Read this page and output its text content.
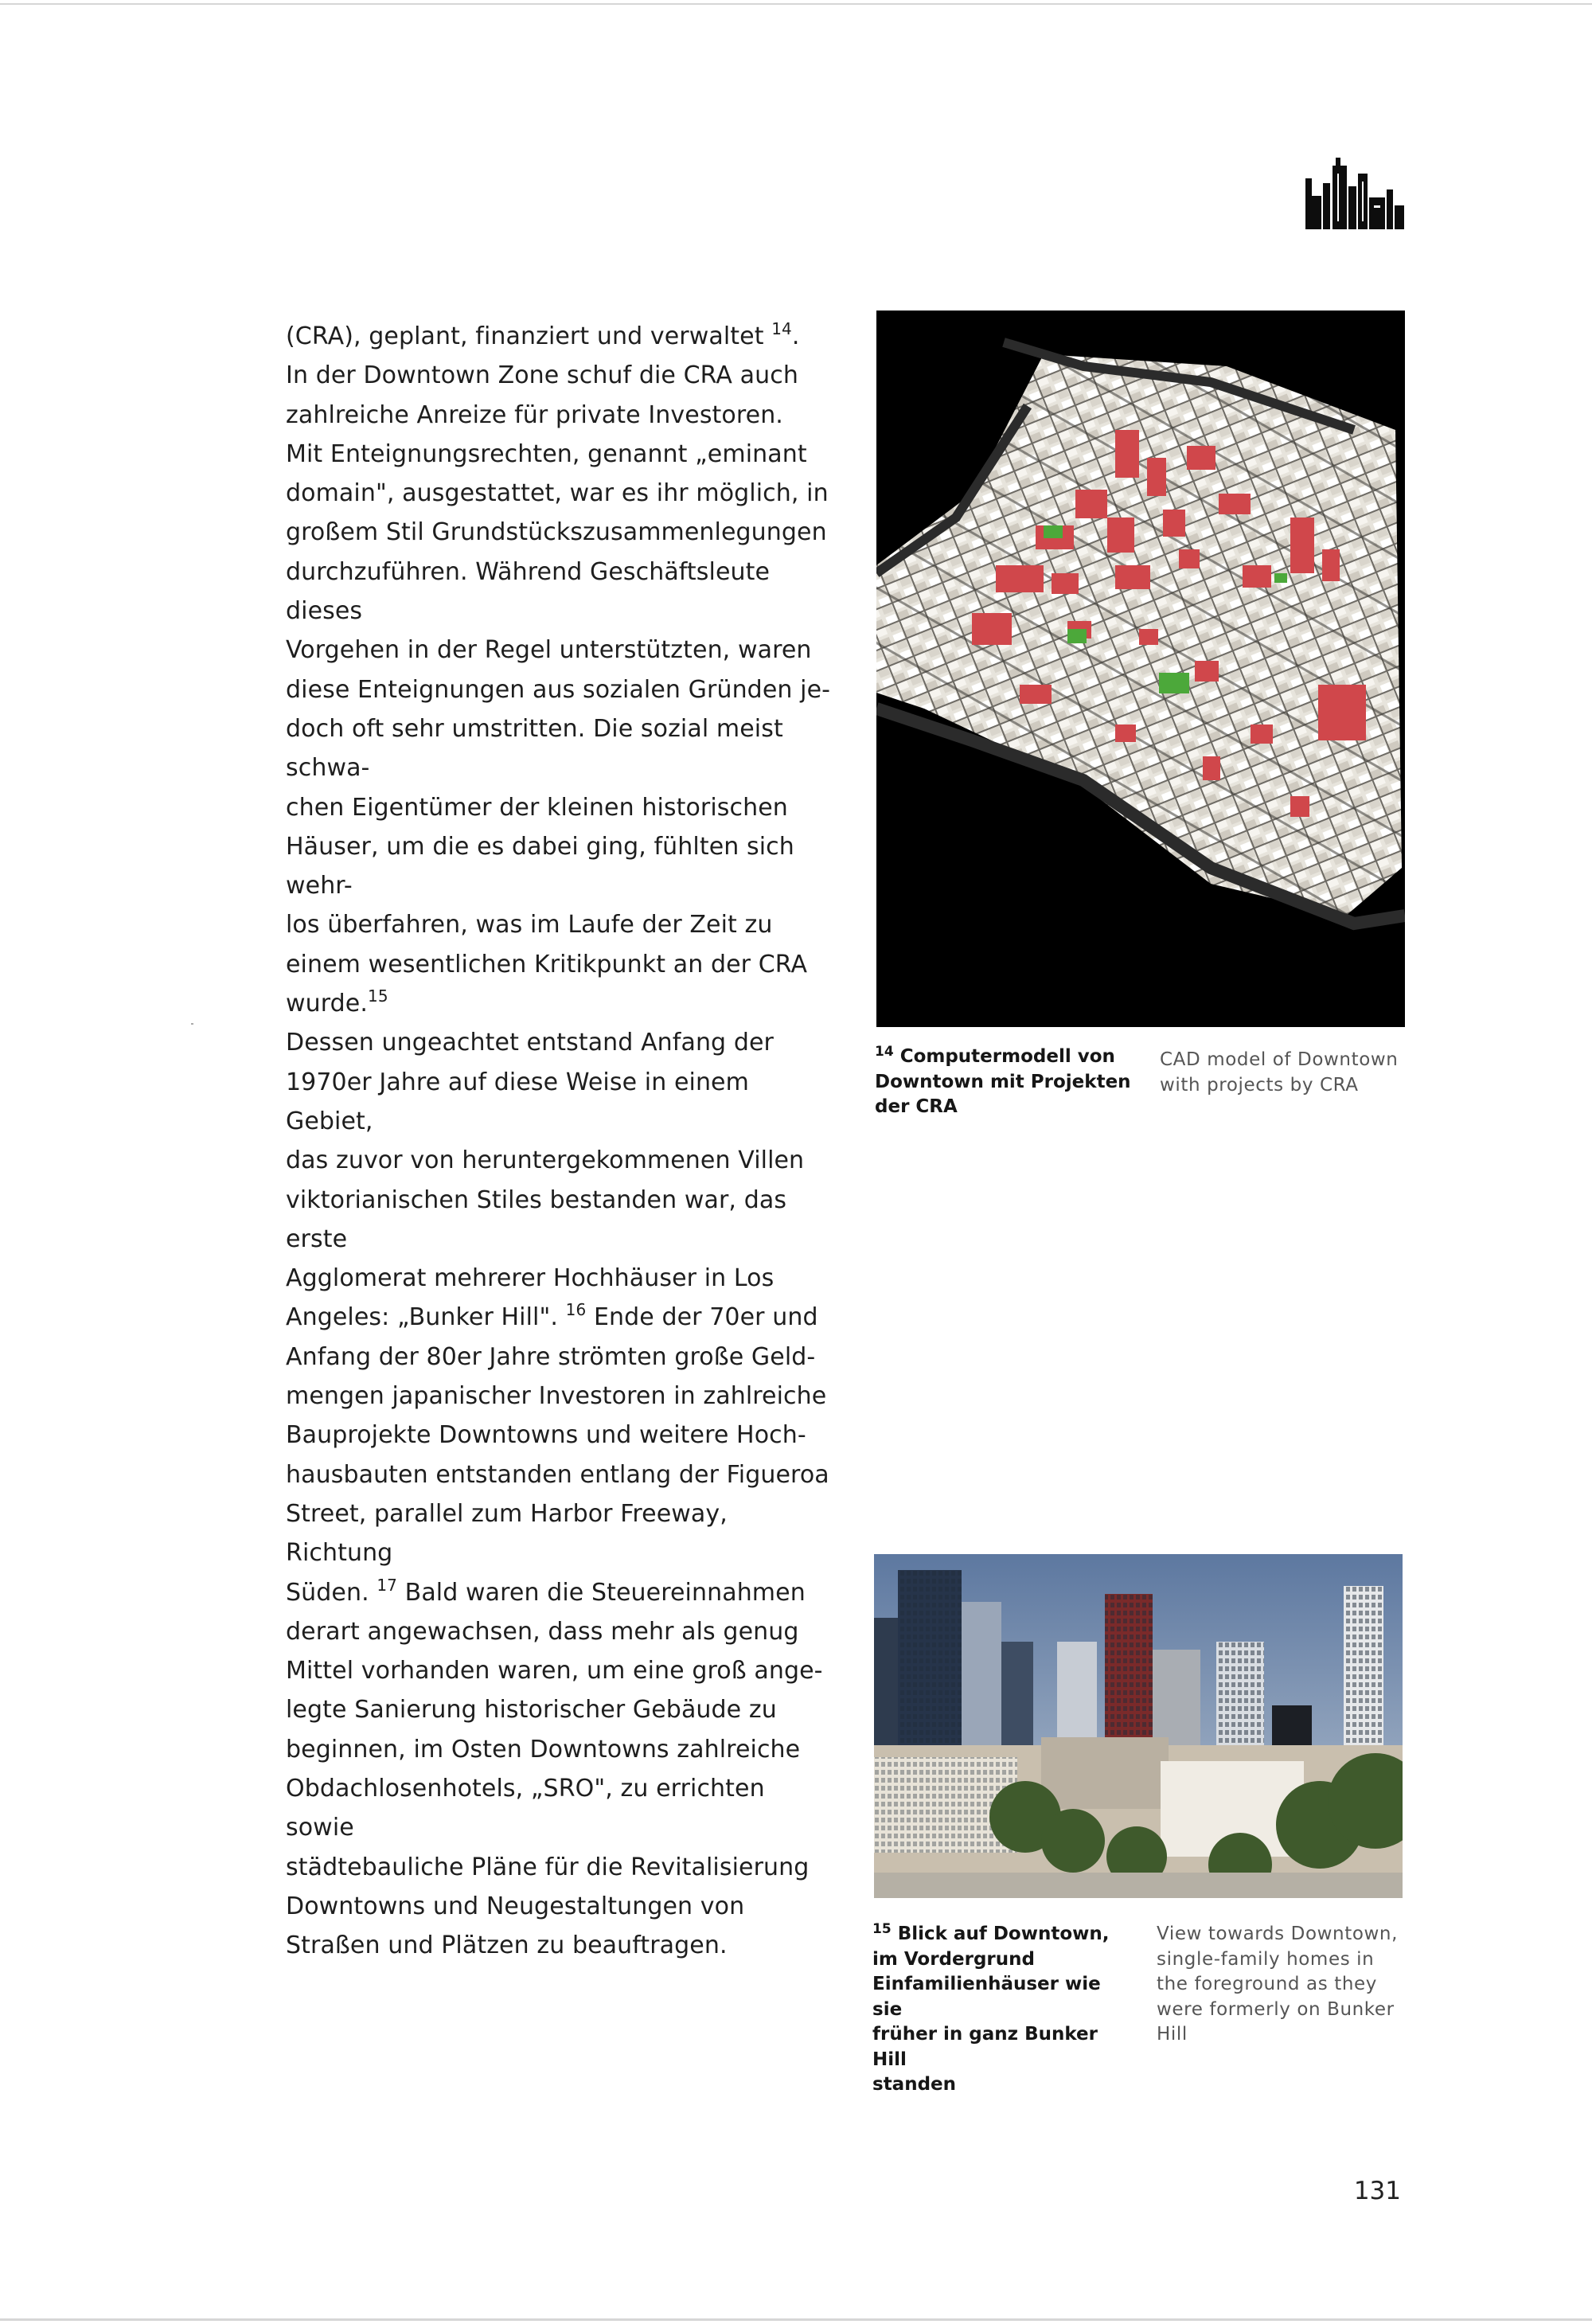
(CRA), geplant, finanziert und verwaltet $^{14}$.
In der Downtown Zone schuf die CRA auch
zahlreiche Anreize für private Investoren.
Mit Enteignungsrechten, genannt „eminant
domain", ausgestattet, war es ihr möglich, in
großem Stil Grundstückszusammenlegungen
durchzuführen. Während Geschäftsleute dieses
Vorgehen in der Regel unterstützten, waren
diese Enteignungen aus sozialen Gründen je-
doch oft sehr umstritten. Die sozial meist schwa-
chen Eigentümer der kleinen historischen
Häuser, um die es dabei ging, fühlten sich wehr-
los überfahren, was im Laufe der Zeit zu
einem wesentlichen Kritikpunkt an der CRA
wurde.$^{15}$
Dessen ungeachtet entstand Anfang der
1970er Jahre auf diese Weise in einem Gebiet,
das zuvor von heruntergekommenen Villen
viktorianischen Stiles bestanden war, das erste
Agglomerat mehrerer Hochhäuser in Los
Angeles: „Bunker Hill". $^{16}$ Ende der 70er und
Anfang der 80er Jahre strömten große Geld-
mengen japanischer Investoren in zahlreiche
Bauprojekte Downtowns und weitere Hoch-
hausbauten entstanden entlang der Figueroa
Street, parallel zum Harbor Freeway, Richtung
Süden. $^{17}$ Bald waren die Steuereinnahmen
derart angewachsen, dass mehr als genug
Mittel vorhanden waren, um eine groß ange-
legte Sanierung historischer Gebäude zu
beginnen, im Osten Downtowns zahlreiche
Obdachlosenhotels, „SRO", zu errichten sowie
städtebauliche Pläne für die Revitalisierung
Downtowns und Neugestaltungen von
Straßen und Plätzen zu beauftragen.
$^{14}$ Computermodell von
Downtown mit Projekten
der CRA
CAD model of Downtown
with projects by CRA
$^{15}$ Blick auf Downtown,
im Vordergrund
Einfamilienhäuser wie sie
früher in ganz Bunker Hill
standen
View towards Downtown,
single-family homes in
the foreground as they
were formerly on Bunker
Hill
131
